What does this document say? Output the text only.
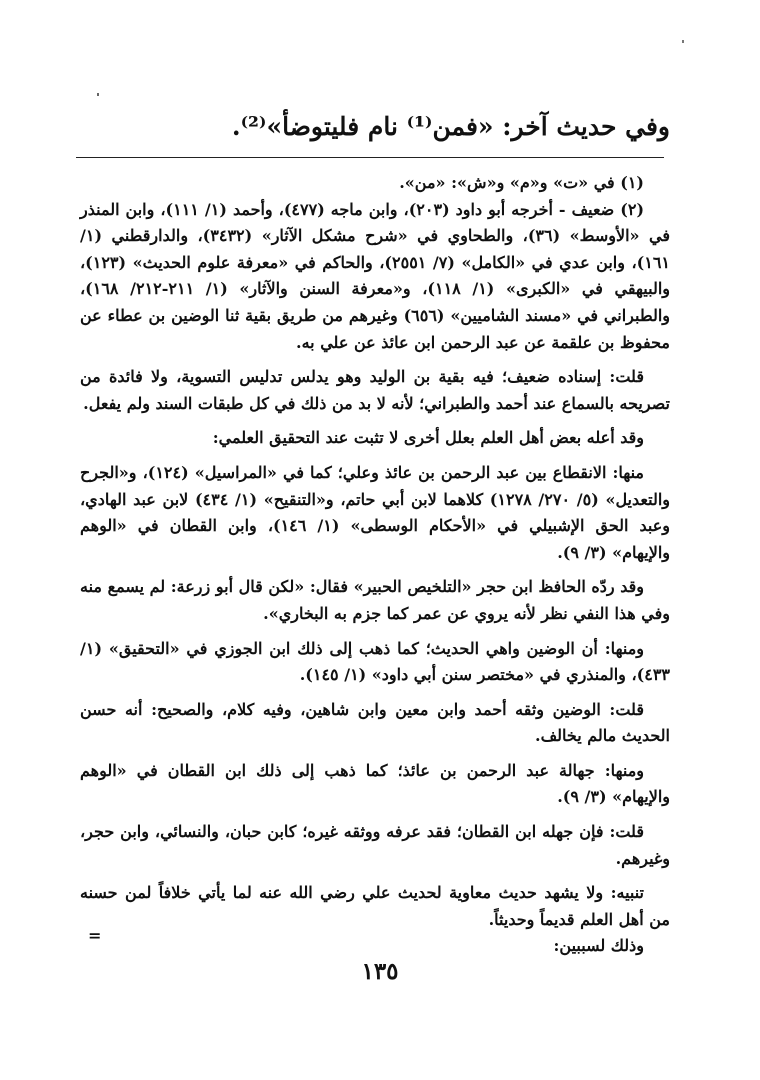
وفي حديث آخر: «فمن⁽¹⁾ نام فليتوضأ»⁽²⁾.

(١) في «ت» و«م» و«ش»: «من».

(٢) ضعيف - أخرجه أبو داود (٢٠٣)، وابن ماجه (٤٧٧)، وأحمد (١/ ١١١)، وابن المنذر في «الأوسط» (٣٦)، والطحاوي في «شرح مشكل الآثار» (٣٤٣٢)، والدارقطني (١/ ١٦١)، وابن عدي في «الكامل» (٧/ ٢٥٥١)، والحاكم في «معرفة علوم الحديث» (١٢٣)، والبيهقي في «الكبرى» (١/ ١١٨)، و«معرفة السنن والآثار» (١/ ٢١١-٢١٢/ ١٦٨)، والطبراني في «مسند الشاميين» (٦٥٦) وغيرهم من طريق بقية ثنا الوضين بن عطاء عن محفوظ بن علقمة عن عبد الرحمن ابن عائذ عن علي به.

قلت: إسناده ضعيف؛ فيه بقية بن الوليد وهو يدلس تدليس التسوية، ولا فائدة من تصريحه بالسماع عند أحمد والطبراني؛ لأنه لا بد من ذلك في كل طبقات السند ولم يفعل.

وقد أعله بعض أهل العلم بعلل أخرى لا تثبت عند التحقيق العلمي:

منها: الانقطاع بين عبد الرحمن بن عائذ وعلي؛ كما في «المراسيل» (١٢٤)، و«الجرح والتعديل» (٥/ ٢٧٠/ ١٢٧٨) كلاهما لابن أبي حاتم، و«التنقيح» (١/ ٤٣٤) لابن عبد الهادي، وعبد الحق الإشبيلي في «الأحكام الوسطى» (١/ ١٤٦)، وابن القطان في «الوهم والإيهام» (٣/ ٩).

وقد ردّه الحافظ ابن حجر «التلخيص الحبير» فقال: «لكن قال أبو زرعة: لم يسمع منه وفي هذا النفي نظر لأنه يروي عن عمر كما جزم به البخاري».

ومنها: أن الوضين واهي الحديث؛ كما ذهب إلى ذلك ابن الجوزي في «التحقيق» (١/ ٤٣٣)، والمنذري في «مختصر سنن أبي داود» (١/ ١٤٥).

قلت: الوضين وثقه أحمد وابن معين وابن شاهين، وفيه كلام، والصحيح: أنه حسن الحديث مالم يخالف.

ومنها: جهالة عبد الرحمن بن عائذ؛ كما ذهب إلى ذلك ابن القطان في «الوهم والإيهام» (٣/ ٩).

قلت: فإن جهله ابن القطان؛ فقد عرفه ووثقه غيره؛ كابن حبان، والنسائي، وابن حجر، وغيرهم.

تنبيه: ولا يشهد حديث معاوية لحديث علي رضي الله عنه لما يأتي خلافاً لمن حسنه من أهل العلم قديماً وحديثاً.

وذلك لسببين:

=
١٣٥
